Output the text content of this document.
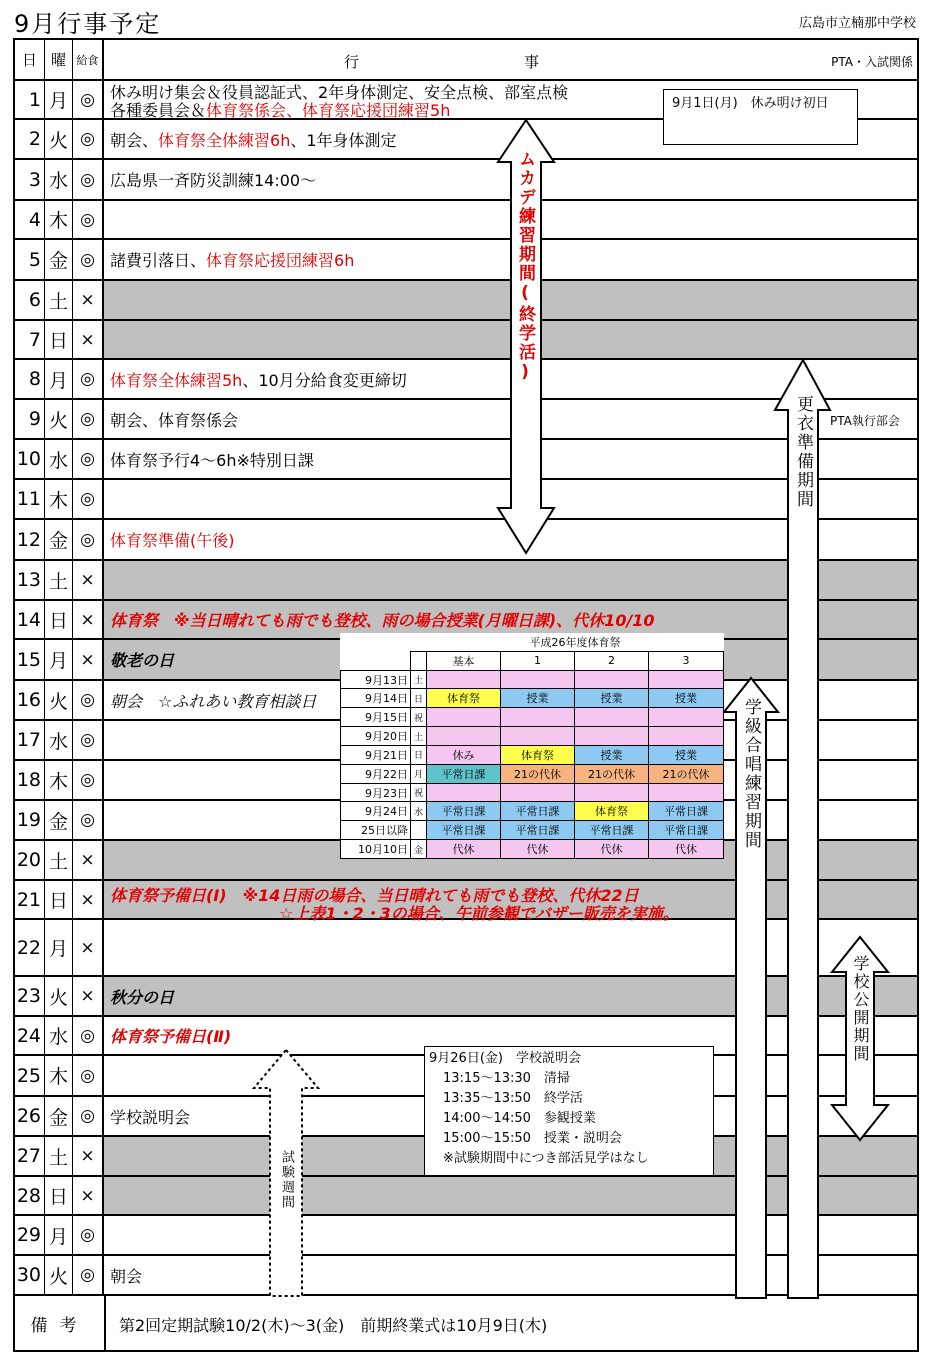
9月行事予定	広島市立楠那中学校
日 曜 給食	行　　　　　　　　　　　事	PTA・入試関係
1 月 ◎ 休み明け集会＆役員認証式、2年身体測定、安全点検、部室点検
各種委員会＆体育祭係会、体育祭応援団練習5h
2 火 ◎ 朝会、 体育祭全体練習6h 、1年身体測定
3 水 ◎ 広島県一斉防災訓練14:00～
4 木 ◎
5 金 ◎ 諸費引落日、 体育祭応援団練習6h
6 土 ×
7 日 ×
8 月 ◎ 体育祭全体練習5h 、10月分給食変更締切
9 火 ◎ 朝会、体育祭係会
10 水 ◎ 体育祭予行4～6h※特別日課
11 木 ◎
12 金 ◎ 体育祭準備(午後)
13 土 ×
14 日 × 体育祭　※当日晴れても雨でも登校、雨の場合授業(月曜日課)、代休10/10
15 月 × 敬老の日
16 火 ◎ 朝会　☆ふれあい教育相談日
17 水 ◎
18 木 ◎
19 金 ◎
20 土 ×
21 日 × 体育祭予備日(Ⅰ)　※14日雨の場合、当日晴れても雨でも登校、代休22日
☆上表1・2・3の場合、午前参観でバザー販売を実施。
22 月 ×
23 火 × 秋分の日
24 水 ◎ 体育祭予備日(Ⅱ)
25 木 ◎
26 金 ◎ 学校説明会
27 土 ×
28 日 ×
29 月 ◎
30 火 ◎ 朝会
備考	第2回定期試験10/2(木)～3(金)　前期終業式は10月9日(木)
9月1日(月)　休み明け初日
ムカデ練習期間(終学活)
更衣準備期間
学級合唱練習期間
学校公開期間
試験週間
PTA執行部会
9月26日(金)　学校説明会
13:15～13:30　清掃
13:35～13:50　終学活
14:00～14:50　参観授業
15:00～15:50　授業・説明会
※試験期間中につき部活見学はなし
		平成26年度体育祭			
		基本	1	2	3
9月13日	土				
9月14日	日	体育祭	授業	授業	授業
9月15日	祝				
9月20日	土				
9月21日	日	休み	体育祭	授業	授業
9月22日	月	平常日課	21の代休	21の代休	21の代休
9月23日	祝				
9月24日	水	平常日課	平常日課	体育祭	平常日課
25日以降		平常日課	平常日課	平常日課	平常日課
10月10日	金	代休	代休	代休	代休
